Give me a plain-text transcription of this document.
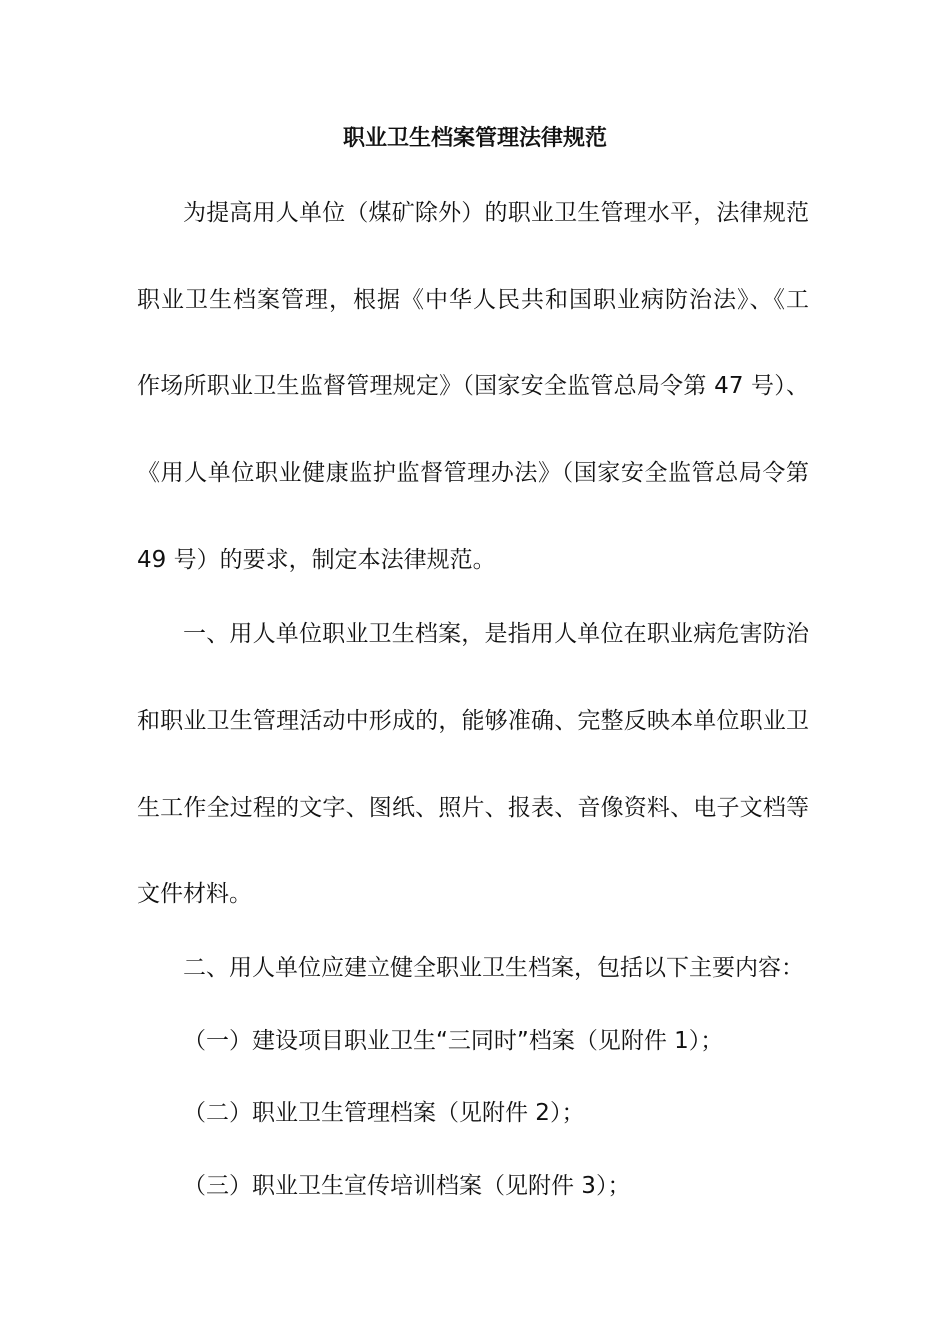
职业卫生档案管理法律规范
为提高用人单位（煤矿除外）的职业卫生管理水平，法律规范
职业卫生档案管理，根据《中华人民共和国职业病防治法》、《工
作场所职业卫生监督管理规定》（国家安全监管总局令第 47 号）、
《用人单位职业健康监护监督管理办法》（国家安全监管总局令第
49 号）的要求，制定本法律规范。
一、用人单位职业卫生档案，是指用人单位在职业病危害防治
和职业卫生管理活动中形成的，能够准确、完整反映本单位职业卫
生工作全过程的文字、图纸、照片、报表、音像资料、电子文档等
文件材料。
二、用人单位应建立健全职业卫生档案，包括以下主要内容：
（一）建设项目职业卫生“三同时”档案（见附件 1）；
（二）职业卫生管理档案（见附件 2）；
（三）职业卫生宣传培训档案（见附件 3）；
